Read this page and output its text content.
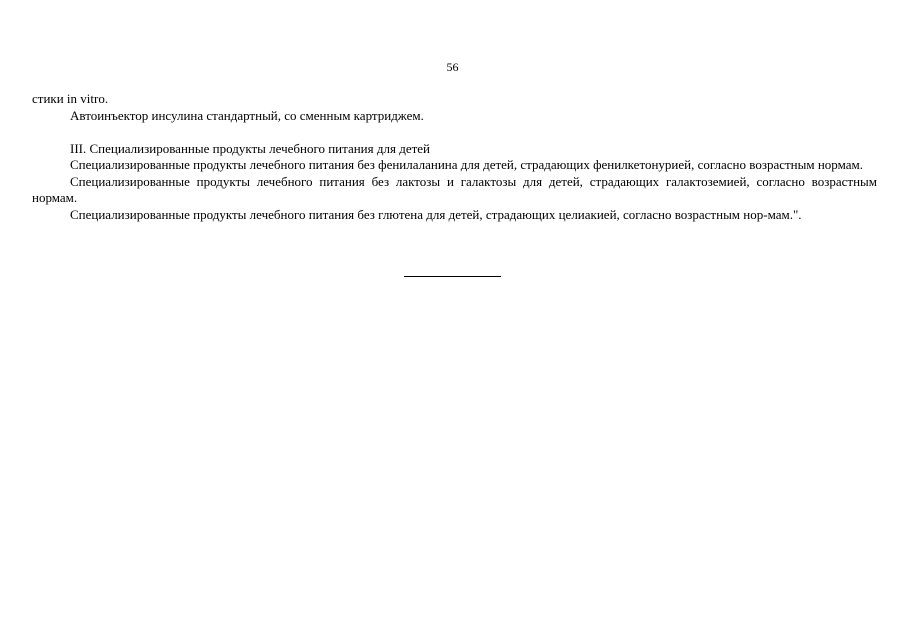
56

стики in vitro.

Автоинъектор инсулина стандартный, со сменным картриджем.

III. Специализированные продукты лечебного питания для детей

Специализированные продукты лечебного питания без фенилаланина для детей, страдающих фенилкетонурией, согласно возрастным нормам.

Специализированные продукты лечебного питания без лактозы и галактозы для детей, страдающих галактоземией, согласно возрастным нормам.

Специализированные продукты лечебного питания без глютена для детей, страдающих целиакией, согласно возрастным нор-мам.".
